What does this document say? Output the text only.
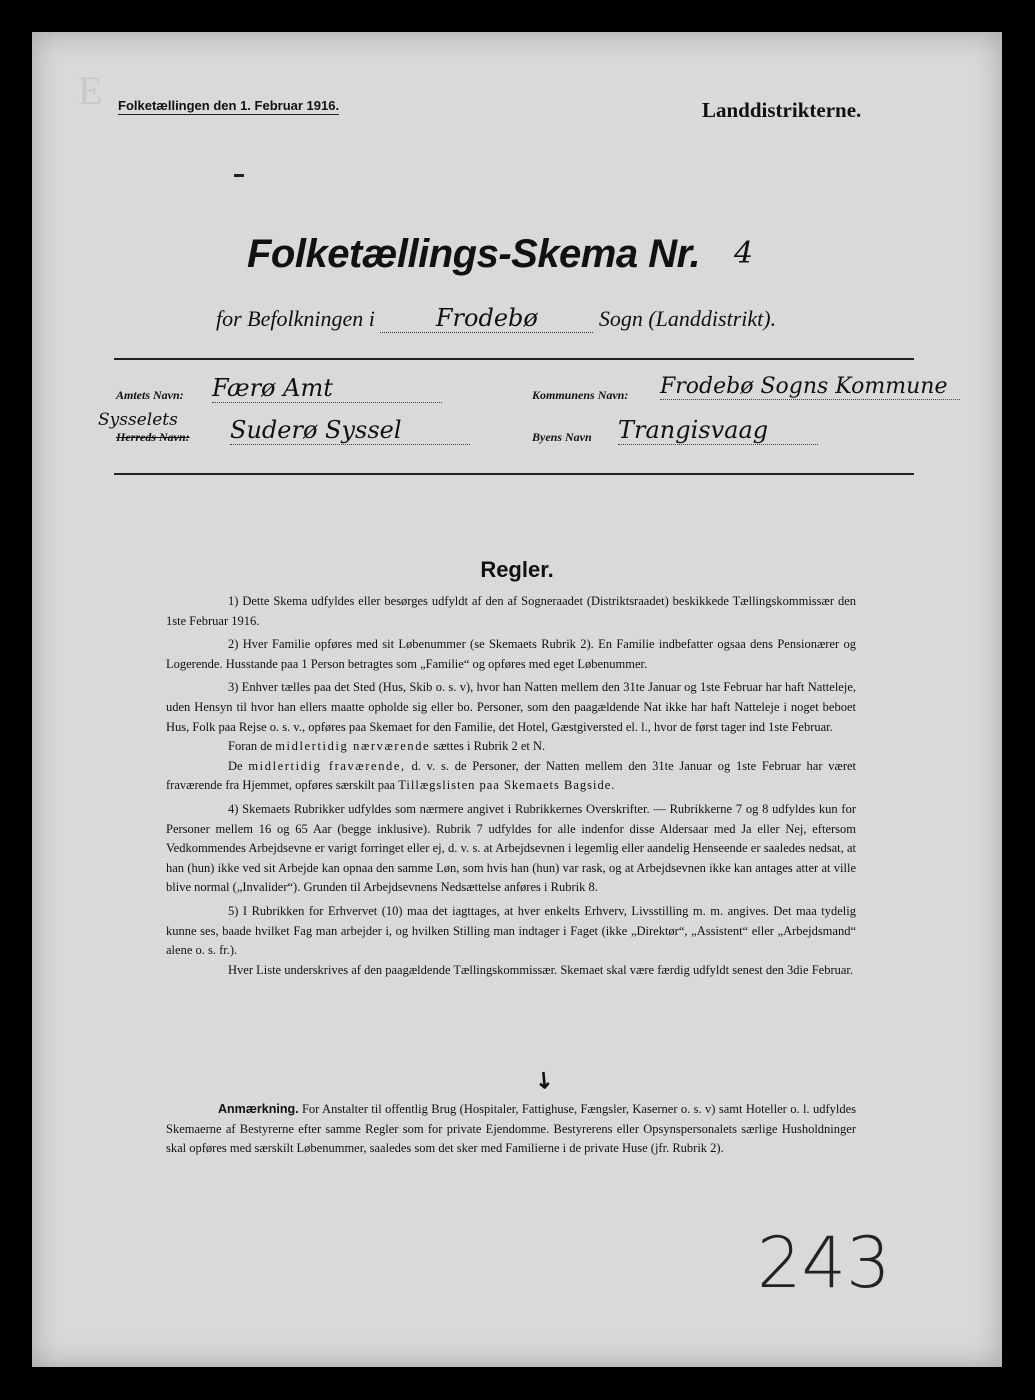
E Folketællingen den 1. Februar 1916.	Landdistrikterne.
Folketællings-Skema Nr. 4
for Befolkningen i	Frodebø	Sogn (Landdistrikt).
Amtets Navn: Færø Amt	Kommunens Navn: Frodebø Sogns Kommune
Sysselets
Herreds Navn: Suderø Syssel	Byens Navn Trangisvaag
Regler.

1) Dette Skema udfyldes eller besørges udfyldt af den af Sogneraadet (Distriktsraadet) beskikkede Tællingskommissær den 1ste Februar 1916.

2) Hver Familie opføres med sit Løbenummer (se Skemaets Rubrik 2). En Familie indbefatter ogsaa dens Pensionærer og Logerende. Husstande paa 1 Person betragtes som „Familie“ og opføres med eget Løbenummer.

3) Enhver tælles paa det Sted (Hus, Skib o. s. v), hvor han Natten mellem den 31te Januar og 1ste Februar har haft Natteleje, uden Hensyn til hvor han ellers maatte opholde sig eller bo. Personer, som den paagældende Nat ikke har haft Natteleje i noget beboet Hus, Folk paa Rejse o. s. v., opføres paa Skemaet for den Familie, det Hotel, Gæstgiversted el. l., hvor de først tager ind 1ste Februar.

Foran de midlertidig nærværende sættes i Rubrik 2 et N.

De midlertidig fraværende, d. v. s. de Personer, der Natten mellem den 31te Januar og 1ste Februar har været fraværende fra Hjemmet, opføres særskilt paa Tillægslisten paa Skemaets Bagside.

4) Skemaets Rubrikker udfyldes som nærmere angivet i Rubrikkernes Overskrifter. — Rubrikkerne 7 og 8 udfyldes kun for Personer mellem 16 og 65 Aar (begge inklusive). Rubrik 7 udfyldes for alle indenfor disse Aldersaar med Ja eller Nej, eftersom Vedkommendes Arbejdsevne er varigt forringet eller ej, d. v. s. at Arbejdsevnen i legemlig eller aandelig Henseende er saaledes nedsat, at han (hun) ikke ved sit Arbejde kan opnaa den samme Løn, som hvis han (hun) var rask, og at Arbejdsevnen ikke kan antages atter at ville blive normal („Invalider“). Grunden til Arbejdsevnens Nedsættelse anføres i Rubrik 8.

5) I Rubrikken for Erhvervet (10) maa det iagttages, at hver enkelts Erhverv, Livsstilling m. m. angives. Det maa tydelig kunne ses, baade hvilket Fag man arbejder i, og hvilken Stilling man indtager i Faget (ikke „Direktør“, „Assistent“ eller „Arbejdsmand“ alene o. s. fr.).

Hver Liste underskrives af den paagældende Tællingskommissær. Skemaet skal være færdig udfyldt senest den 3die Februar.

↘

Anmærkning. For Anstalter til offentlig Brug (Hospitaler, Fattighuse, Fængsler, Kaserner o. s. v) samt Hoteller o. l. udfyldes Skemaerne af Bestyrerne efter samme Regler som for private Ejendomme. Bestyrerens eller Opsynspersonalets særlige Husholdninger skal opføres med særskilt Løbenummer, saaledes som det sker med Familierne i de private Huse (jfr. Rubrik 2).

243
